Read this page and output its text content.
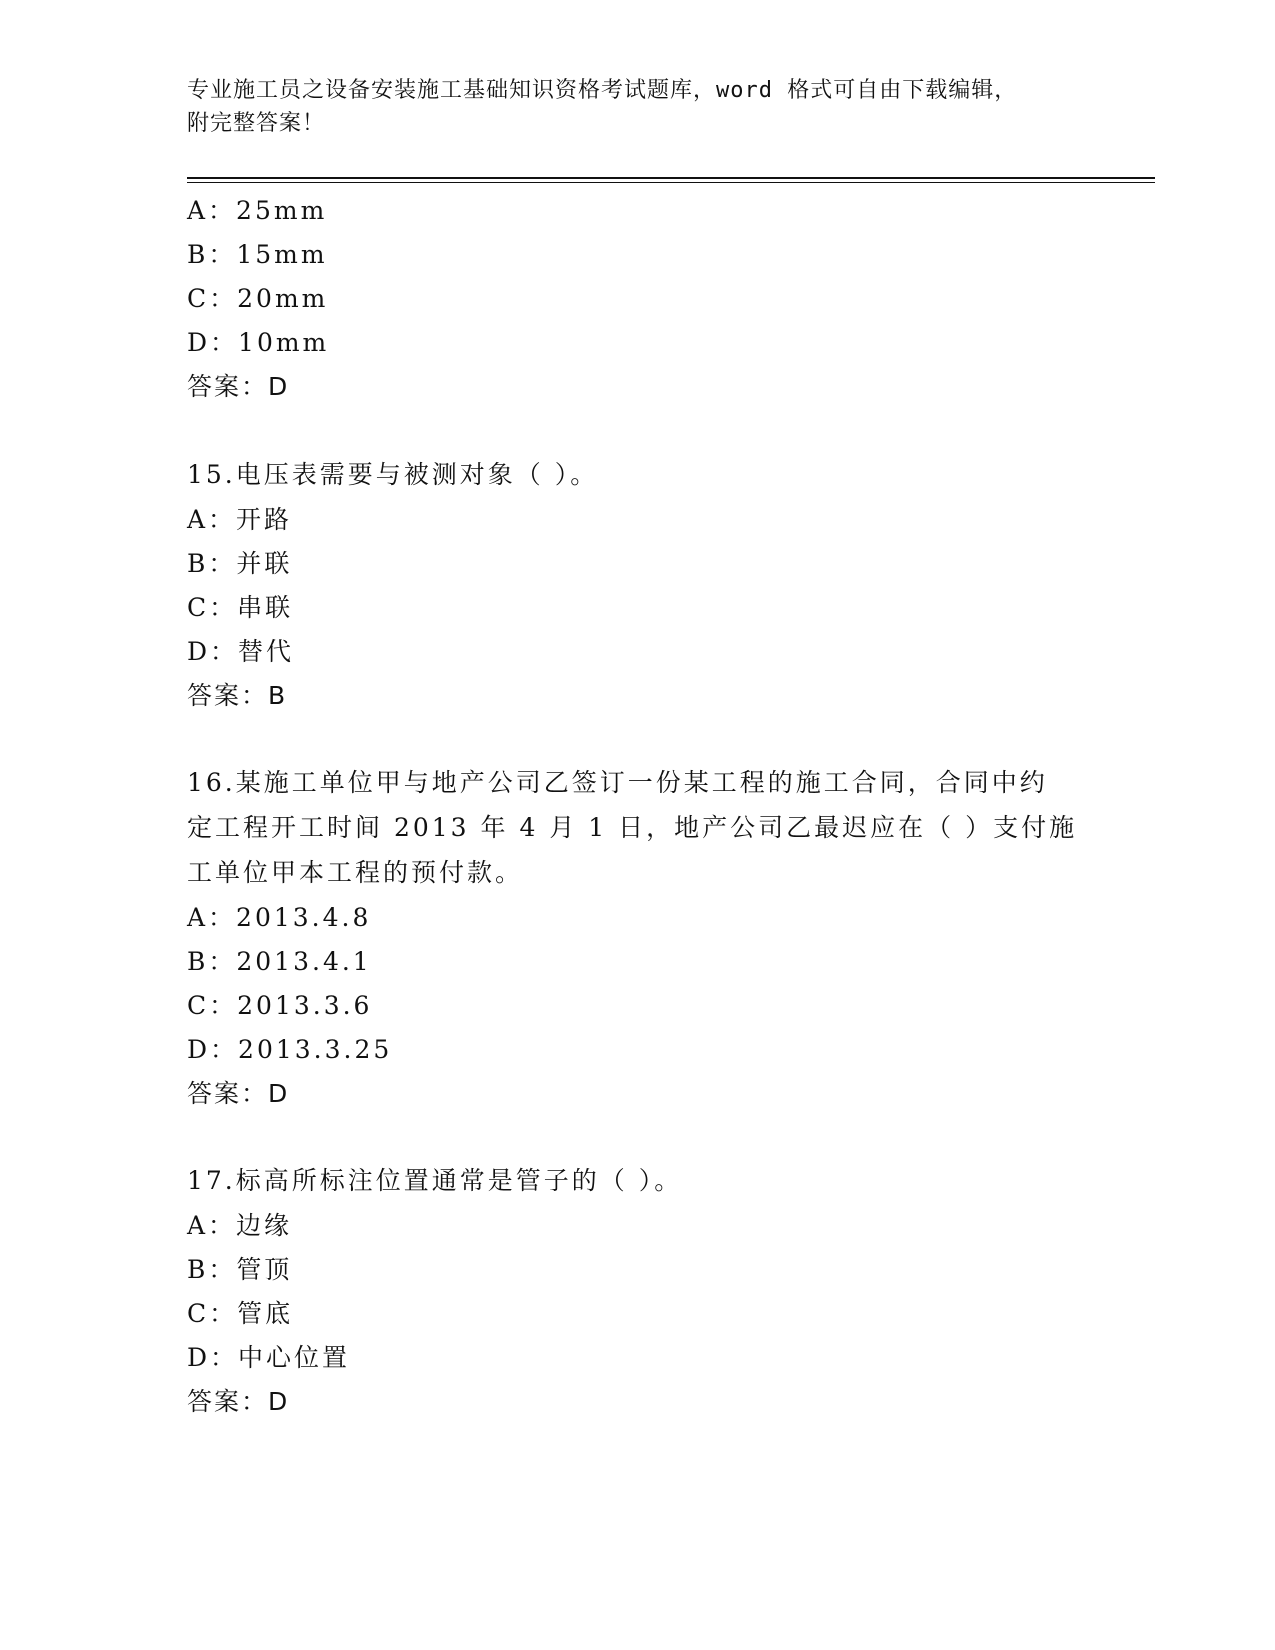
专业施工员之设备安装施工基础知识资格考试题库，word 格式可自由下载编辑，
附完整答案！
A：25mm
B：15mm
C：20mm
D：10mm
答案：D
15.电压表需要与被测对象（ ）。
A：开路
B：并联
C：串联
D：替代
答案：B
16.某施工单位甲与地产公司乙签订一份某工程的施工合同，合同中约
定工程开工时间 2013 年 4 月 1 日，地产公司乙最迟应在（ ）支付施
工单位甲本工程的预付款。
A：2013.4.8
B：2013.4.1
C：2013.3.6
D：2013.3.25
答案：D
17.标高所标注位置通常是管子的（ ）。
A：边缘
B：管顶
C：管底
D：中心位置
答案：D
